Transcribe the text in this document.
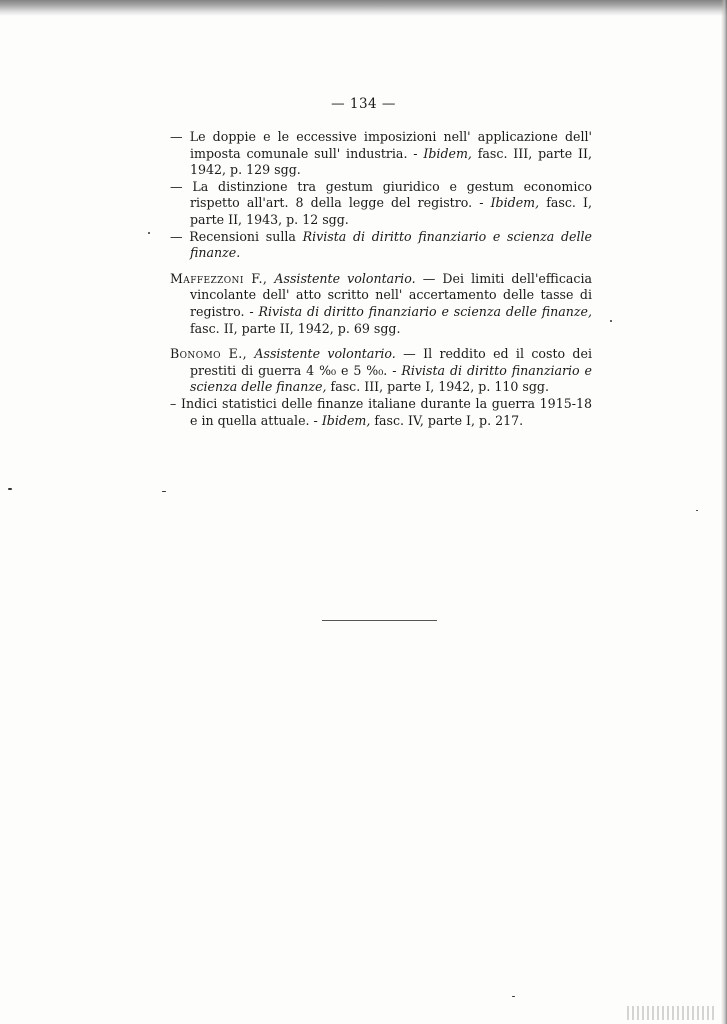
— 134 —

— Le doppie e le eccessive imposizioni nell' applicazione dell' imposta comunale sull' industria. - Ibidem, fasc. III, parte II, 1942, p. 129 sgg.

— La distinzione tra gestum giuridico e gestum economico rispetto all'art. 8 della legge del registro. - Ibidem, fasc. I, parte II, 1943, p. 12 sgg.

— Recensioni sulla Rivista di diritto finanziario e scienza delle finanze.

Maffezzoni F., Assistente volontario. — Dei limiti dell'efficacia vincolante dell' atto scritto nell' accertamento delle tasse di registro. - Rivista di diritto finanziario e scienza delle finanze, fasc. II, parte II, 1942, p. 69 sgg.

Bonomo E., Assistente volontario. — Il reddito ed il costo dei prestiti di guerra 4 %₀ e 5 %₀. - Rivista di diritto finanziario e scienza delle finanze, fasc. III, parte I, 1942, p. 110 sgg.

– Indici statistici delle finanze italiane durante la guerra 1915-18 e in quella attuale. - Ibidem, fasc. IV, parte I, p. 217.
